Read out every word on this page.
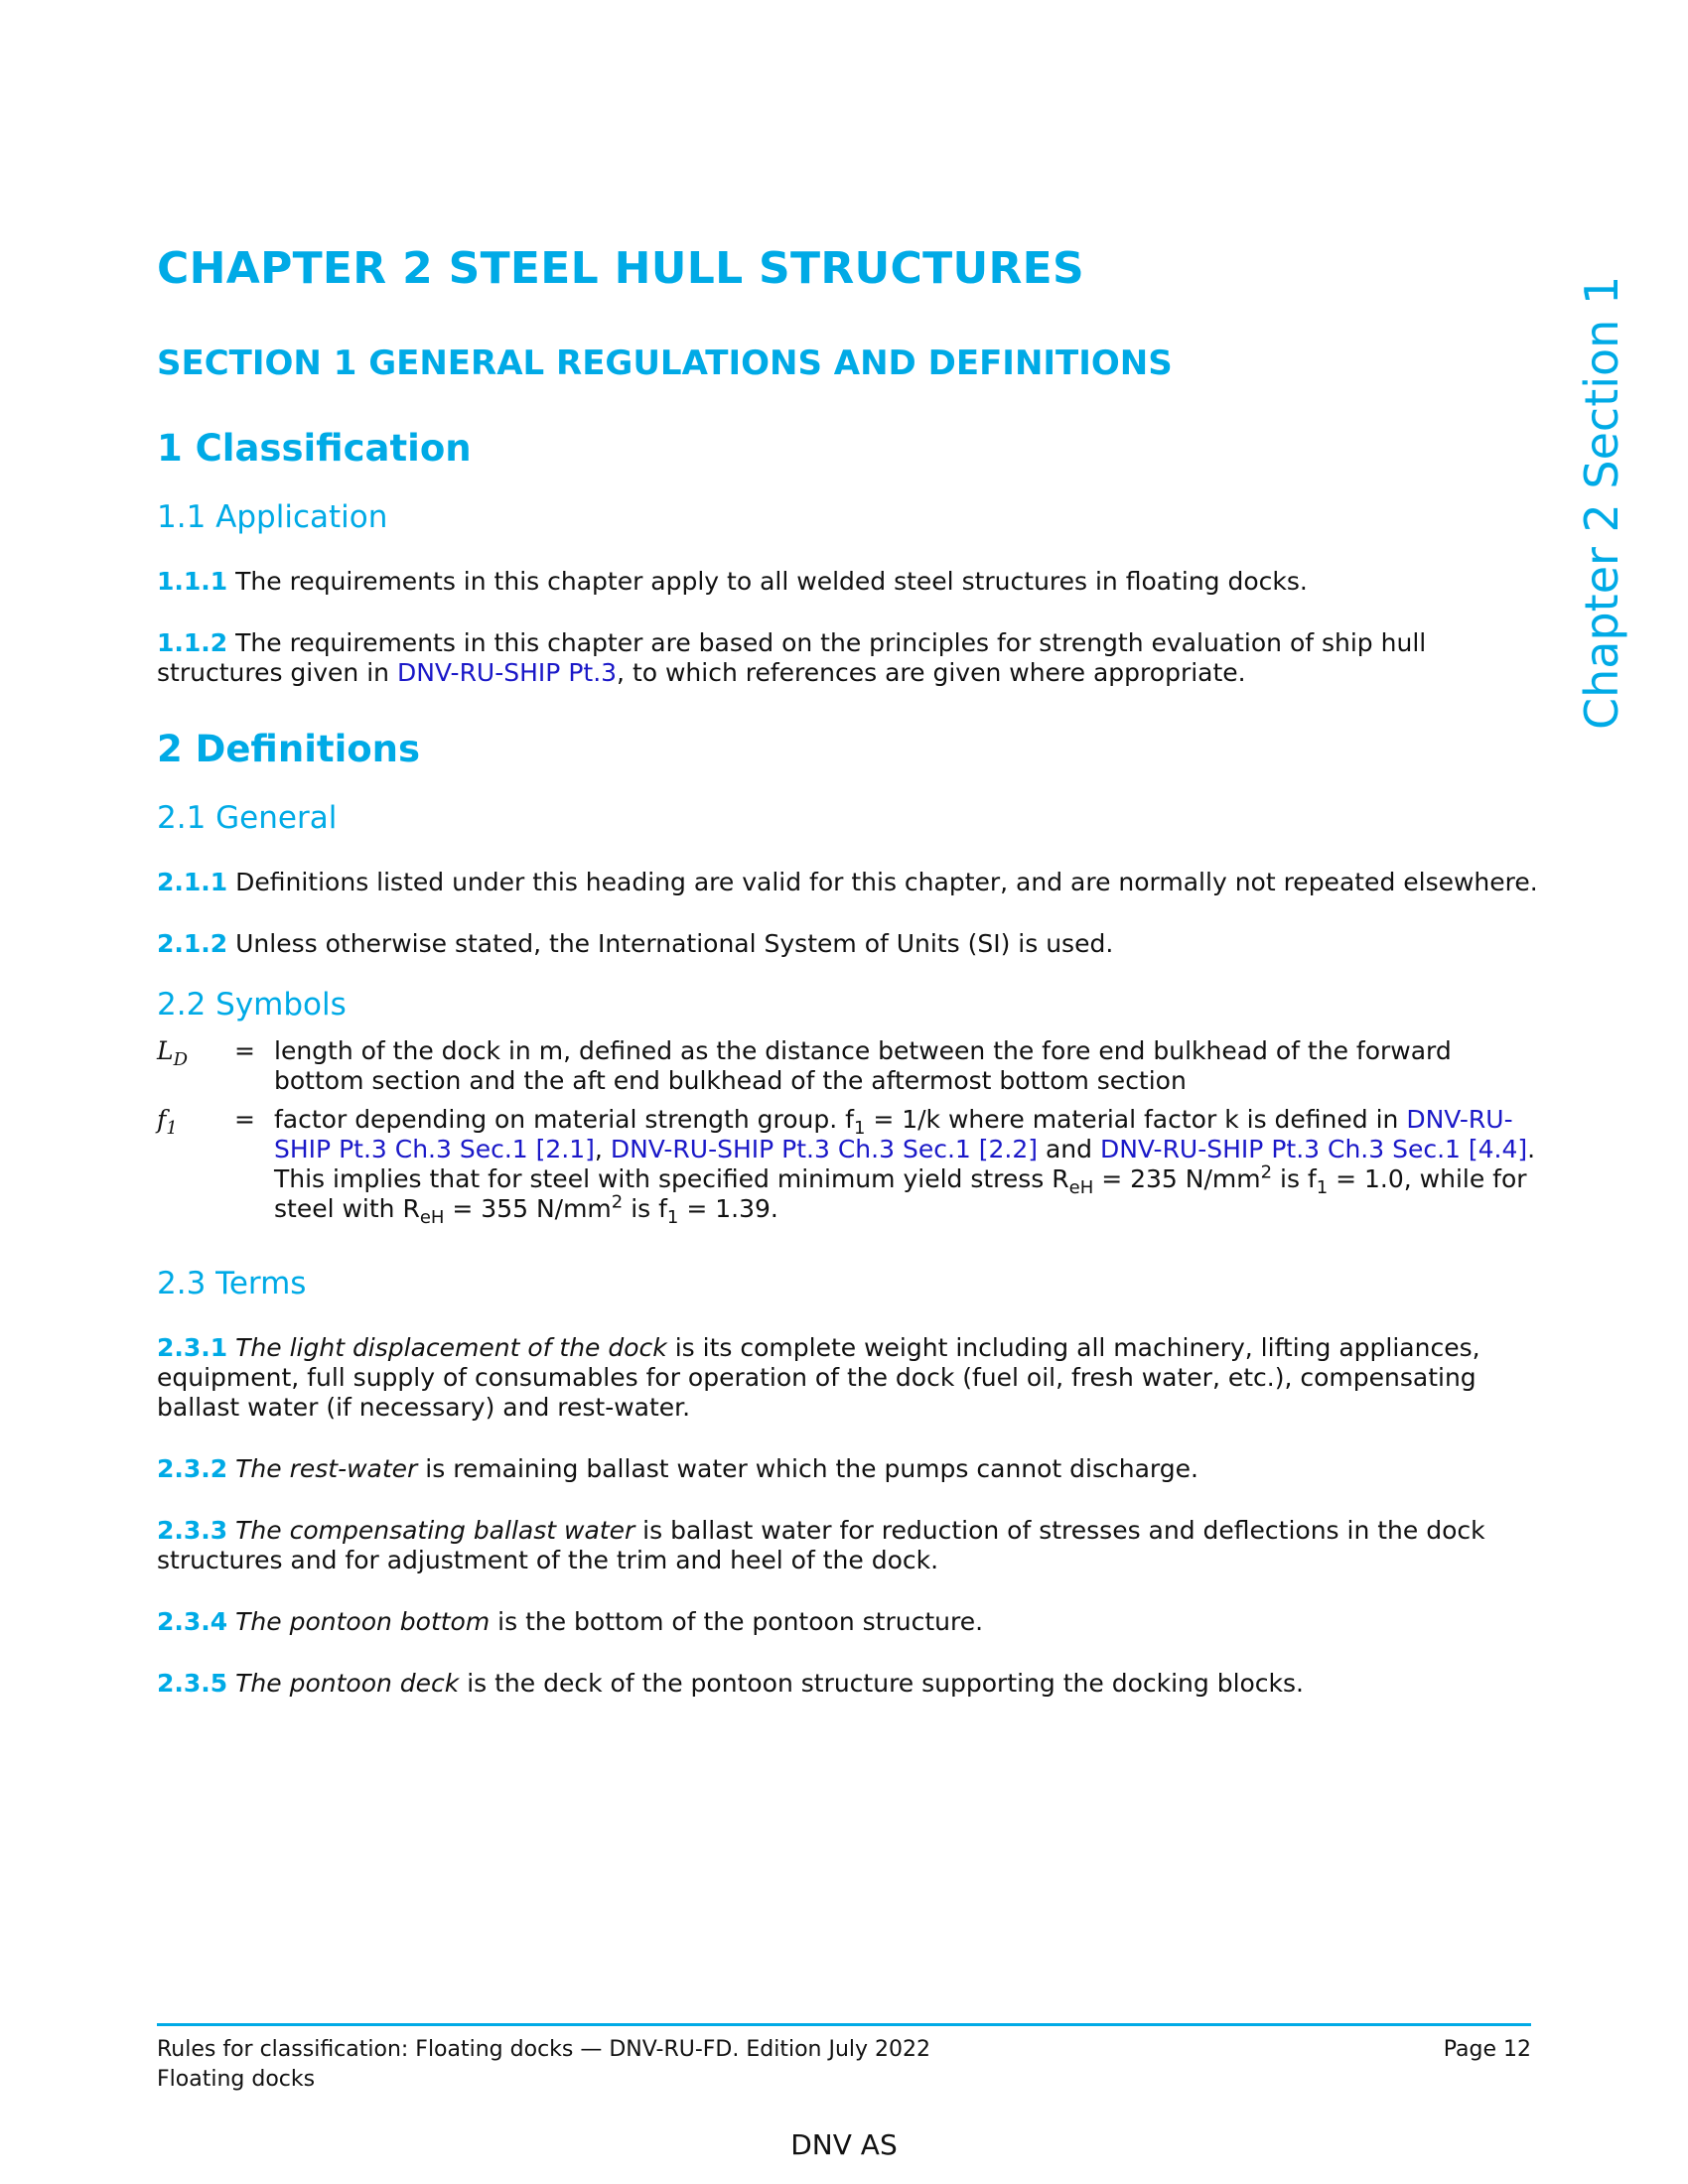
Chapter 2 Section 1
CHAPTER 2 STEEL HULL STRUCTURES
SECTION 1 GENERAL REGULATIONS AND DEFINITIONS
1 Classification
1.1 Application

1.1.1 The requirements in this chapter apply to all welded steel structures in floating docks.

1.1.2 The requirements in this chapter are based on the principles for strength evaluation of ship hull structures given in DNV-RU-SHIP Pt.3, to which references are given where appropriate.

2 Definitions
2.1 General

2.1.1 Definitions listed under this heading are valid for this chapter, and are normally not repeated elsewhere.

2.1.2 Unless otherwise stated, the International System of Units (SI) is used.

2.2 Symbols
$L_D$	=	length of the dock in m, defined as the distance between the fore end bulkhead of the forward bottom section and the aft end bulkhead of the aftermost bottom section
$f_1$	=	factor depending on material strength group. $f_1 = 1/k$ where material factor k is defined in DNV-RU-SHIP Pt.3 Ch.3 Sec.1 [2.1], DNV-RU-SHIP Pt.3 Ch.3 Sec.1 [2.2] and DNV-RU-SHIP Pt.3 Ch.3 Sec.1 [4.4]. This implies that for steel with specified minimum yield stress $R_{eH} = 235$ $N/mm^2$ is $f_1 = 1.0$, while for steel with $R_{eH} = 355$ $N/mm^2$ is $f_1 = 1.39$.
2.3 Terms

2.3.1 The light displacement of the dock is its complete weight including all machinery, lifting appliances, equipment, full supply of consumables for operation of the dock (fuel oil, fresh water, etc.), compensating ballast water (if necessary) and rest-water.

2.3.2 The rest-water is remaining ballast water which the pumps cannot discharge.

2.3.3 The compensating ballast water is ballast water for reduction of stresses and deflections in the dock structures and for adjustment of the trim and heel of the dock.

2.3.4 The pontoon bottom is the bottom of the pontoon structure.

2.3.5 The pontoon deck is the deck of the pontoon structure supporting the docking blocks.

Rules for classification: Floating docks — DNV-RU-FD. Edition July 2022
Floating docks
Page 12
DNV AS
